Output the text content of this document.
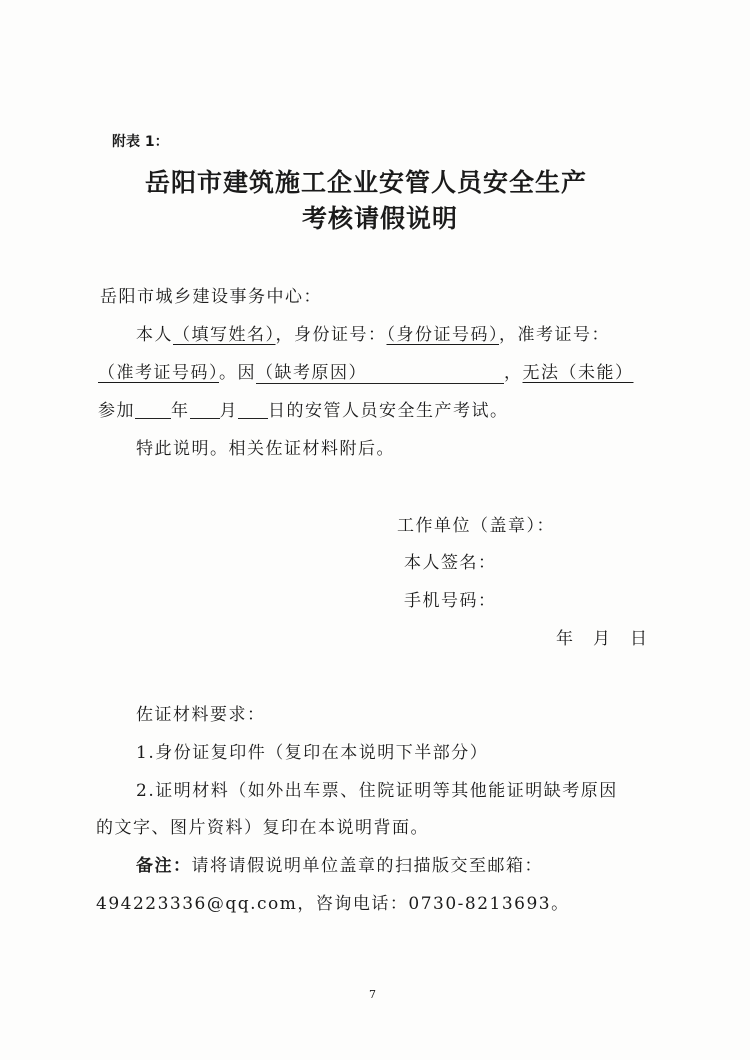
附表 1：
岳阳市建筑施工企业安管人员安全生产
考核请假说明
岳阳市城乡建设事务中心：
本人（填写姓名），身份证号：（身份证号码），准考证号：
（准考证号码）。因（缺考原因）	，无法（未能）
参加 年 月 日的安管人员安全生产考试。
特此说明。相关佐证材料附后。
工作单位（盖章）：
本人签名：
手机号码：
年　月　日
佐证材料要求：
1.身份证复印件（复印在本说明下半部分）
2.证明材料（如外出车票、住院证明等其他能证明缺考原因
的文字、图片资料）复印在本说明背面。
备注：请将请假说明单位盖章的扫描版交至邮箱：
494223336@qq.com，咨询电话：0730-8213693。
7
